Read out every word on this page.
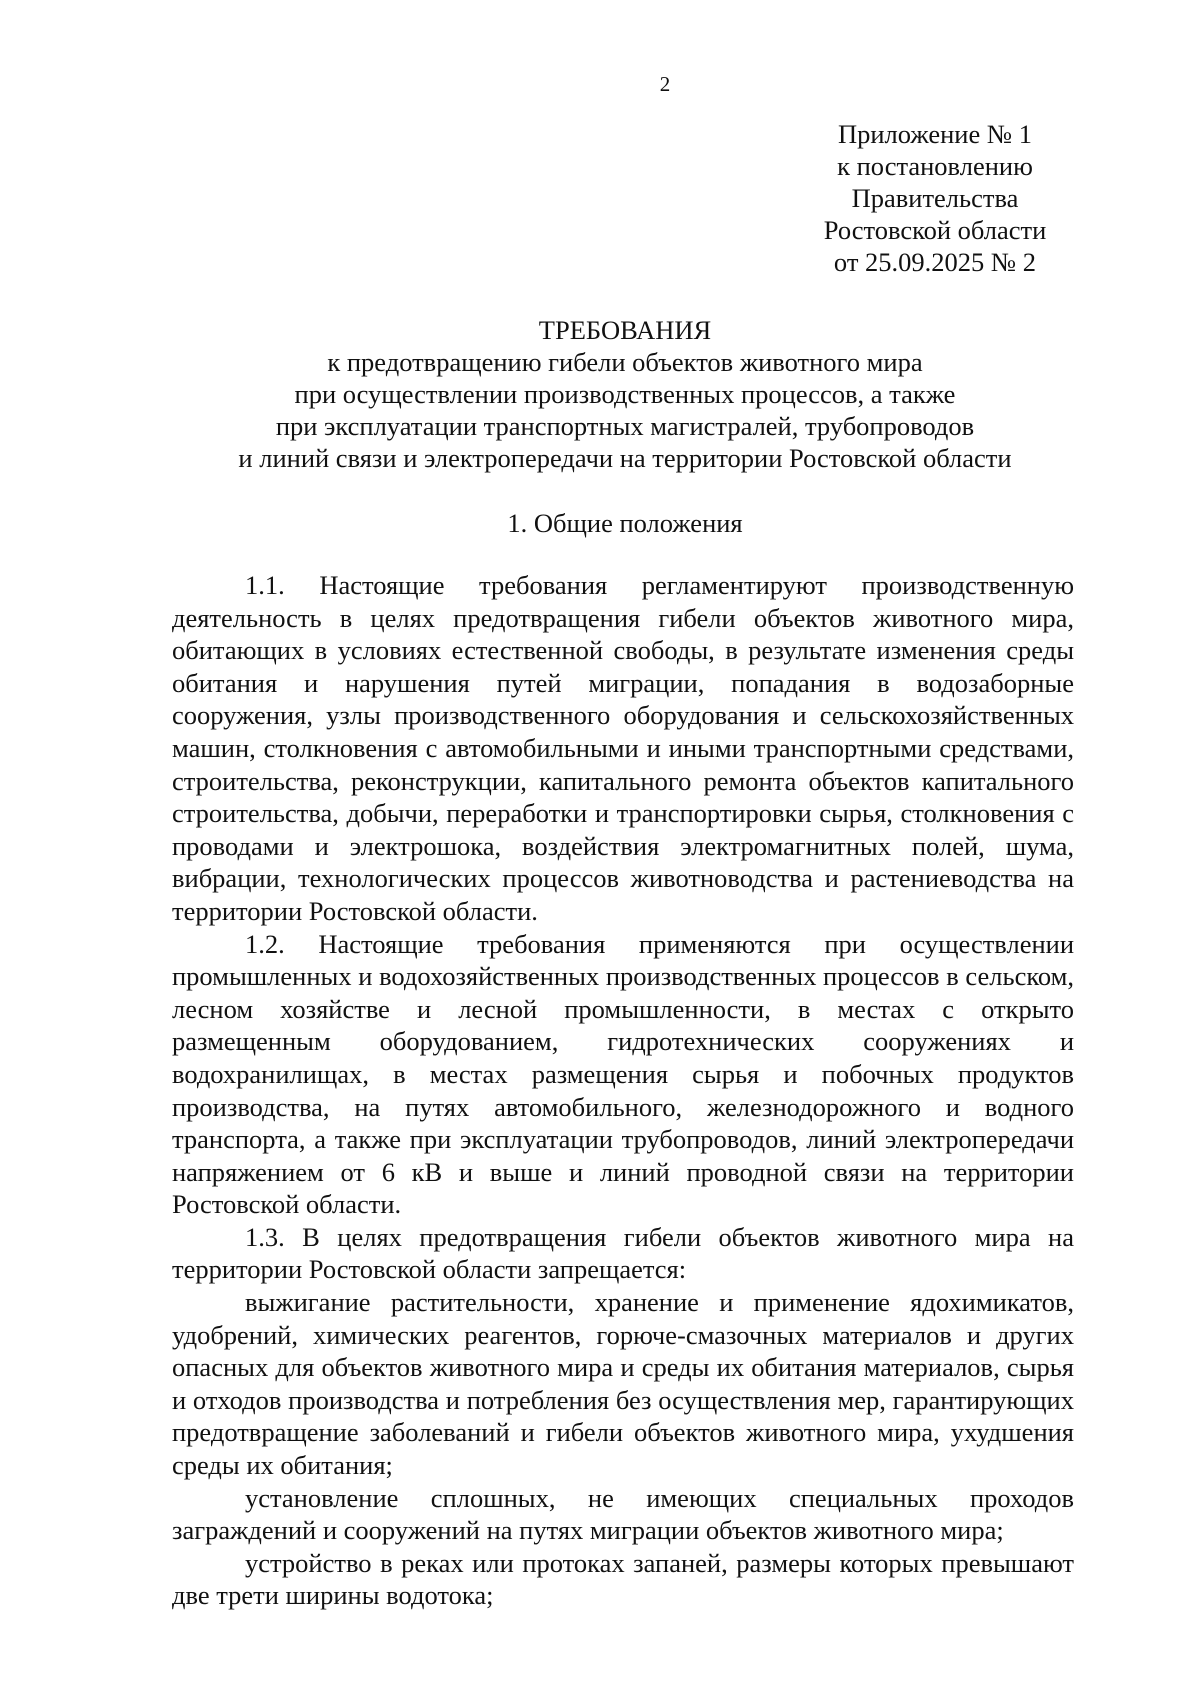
2
Приложение № 1
к постановлению
Правительства
Ростовской области
от 25.09.2025 № 2
ТРЕБОВАНИЯ
к предотвращению гибели объектов животного мира
при осуществлении производственных процессов, а также
при эксплуатации транспортных магистралей, трубопроводов
и линий связи и электропередачи на территории Ростовской области
1. Общие положения

1.1. Настоящие требования регламентируют производственную деятельность в целях предотвращения гибели объектов животного мира, обитающих в условиях естественной свободы, в результате изменения среды обитания и нарушения путей миграции, попадания в водозаборные сооружения, узлы производственного оборудования и сельскохозяйственных машин, столкновения с автомобильными и иными транспортными средствами, строительства, реконструкции, капитального ремонта объектов капитального строительства, добычи, переработки и транспортировки сырья, столкновения с проводами и электрошока, воздействия электромагнитных полей, шума, вибрации, технологических процессов животноводства и растениеводства на территории Ростовской области.

1.2. Настоящие требования применяются при осуществлении промышленных и водохозяйственных производственных процессов в сельском, лесном хозяйстве и лесной промышленности, в местах с открыто размещенным оборудованием, гидротехнических сооружениях и водохранилищах, в местах размещения сырья и побочных продуктов производства, на путях автомобильного, железнодорожного и водного транспорта, а также при эксплуатации трубопроводов, линий электропередачи напряжением от 6 кВ и выше и линий проводной связи на территории Ростовской области.

1.3. В целях предотвращения гибели объектов животного мира на территории Ростовской области запрещается:

выжигание растительности, хранение и применение ядохимикатов, удобрений, химических реагентов, горюче-смазочных материалов и других опасных для объектов животного мира и среды их обитания материалов, сырья и отходов производства и потребления без осуществления мер, гарантирующих предотвращение заболеваний и гибели объектов животного мира, ухудшения среды их обитания;

установление сплошных, не имеющих специальных проходов заграждений и сооружений на путях миграции объектов животного мира;

устройство в реках или протоках запаней, размеры которых превышают две трети ширины водотока;
